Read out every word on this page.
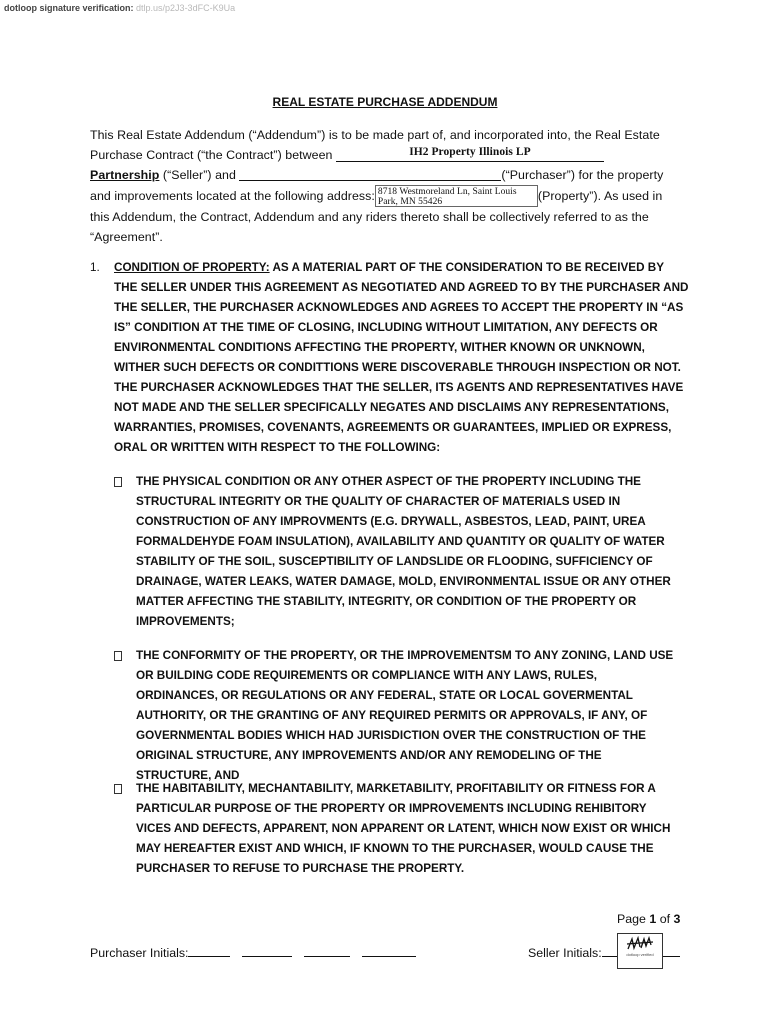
dotloop signature verification: dtlp.us/p2J3-3dFC-K9Ua
REAL ESTATE PURCHASE ADDENDUM
This Real Estate Addendum (“Addendum”) is to be made part of, and incorporated into, the Real Estate
Purchase Contract (“the Contract”) between	IH2 Property Illinois LP
Partnership (“Seller”) and	(“Purchaser”) for the property
and improvements located at the following address: 8718 Westmoreland Ln, Saint Louis Park, MN 55426	(Property”). As used in
this Addendum, the Contract, Addendum and any riders thereto shall be collectively referred to as the
“Agreement”.
1. CONDITION OF PROPERTY: AS A MATERIAL PART OF THE CONSIDERATION TO BE RECEIVED BY THE SELLER UNDER THIS AGREEMENT AS NEGOTIATED AND AGREED TO BY THE PURCHASER AND THE SELLER, THE PURCHASER ACKNOWLEDGES AND AGREES TO ACCEPT THE PROPERTY IN “AS IS” CONDITION AT THE TIME OF CLOSING, INCLUDING WITHOUT LIMITATION, ANY DEFECTS OR ENVIRONMENTAL CONDITIONS AFFECTING THE PROPERTY, WITHER KNOWN OR UNKNOWN, WITHER SUCH DEFECTS OR CONDITTIONS WERE DISCOVERABLE THROUGH INSPECTION OR NOT. THE PURCHASER ACKNOWLEDGES THAT THE SELLER, ITS AGENTS AND REPRESENTATIVES HAVE NOT MADE AND THE SELLER SPECIFICALLY NEGATES AND DISCLAIMS ANY REPRESENTATIONS, WARRANTIES, PROMISES, COVENANTS, AGREEMENTS OR GUARANTEES, IMPLIED OR EXPRESS, ORAL OR WRITTEN WITH RESPECT TO THE FOLLOWING:
THE PHYSICAL CONDITION OR ANY OTHER ASPECT OF THE PROPERTY INCLUDING THE STRUCTURAL INTEGRITY OR THE QUALITY OF CHARACTER OF MATERIALS USED IN CONSTRUCTION OF ANY IMPROVMENTS (E.G. DRYWALL, ASBESTOS, LEAD, PAINT, UREA FORMALDEHYDE FOAM INSULATION), AVAILABILITY AND QUANTITY OR QUALITY OF WATER STABILITY OF THE SOIL, SUSCEPTIBILITY OF LANDSLIDE OR FLOODING, SUFFICIENCY OF DRAINAGE, WATER LEAKS, WATER DAMAGE, MOLD, ENVIRONMENTAL ISSUE OR ANY OTHER MATTER AFFECTING THE STABILITY, INTEGRITY, OR CONDITION OF THE PROPERTY OR IMPROVEMENTS;
THE CONFORMITY OF THE PROPERTY, OR THE IMPROVEMENTSM TO ANY ZONING, LAND USE OR BUILDING CODE REQUIREMENTS OR COMPLIANCE WITH ANY LAWS, RULES, ORDINANCES, OR REGULATIONS OR ANY FEDERAL, STATE OR LOCAL GOVERMENTAL AUTHORITY, OR THE GRANTING OF ANY REQUIRED PERMITS OR APPROVALS, IF ANY, OF GOVERNMENTAL BODIES WHICH HAD JURISDICTION OVER THE CONSTRUCTION OF THE ORIGINAL STRUCTURE, ANY IMPROVEMENTS AND/OR ANY REMODELING OF THE STRUCTURE, AND
THE HABITABILITY, MECHANTABILITY, MARKETABILITY, PROFITABILITY OR FITNESS FOR A PARTICULAR PURPOSE OF THE PROPERTY OR IMPROVEMENTS INCLUDING REHIBITORY VICES AND DEFECTS, APPARENT, NON APPARENT OR LATENT, WHICH NOW EXIST OR WHICH MAY HEREAFTER EXIST AND WHICH, IF KNOWN TO THE PURCHASER, WOULD CAUSE THE PURCHASER TO REFUSE TO PURCHASE THE PROPERTY.
Page 1 of 3
Purchaser Initials:	Seller Initials:	dotloop verified
